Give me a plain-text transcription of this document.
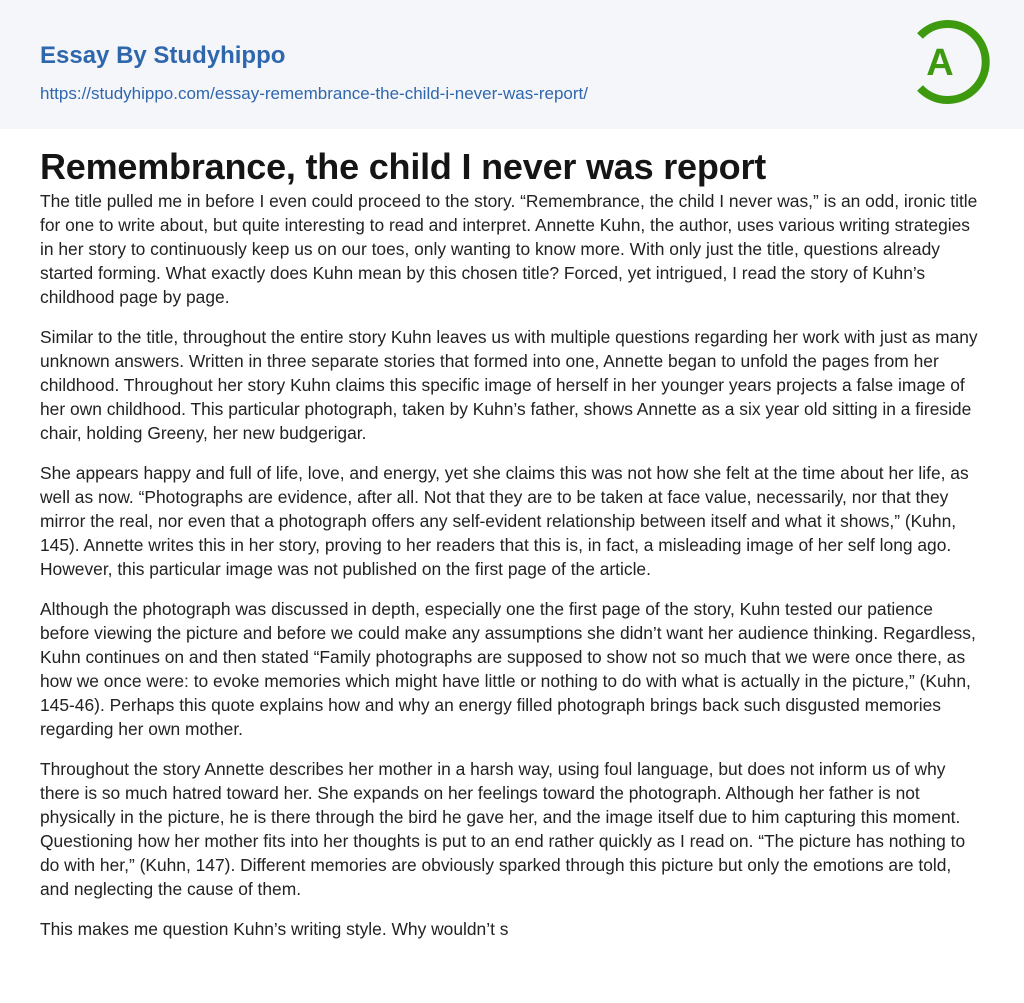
Essay By Studyhippo

https://studyhippo.com/essay-remembrance-the-child-i-never-was-report/
A
Remembrance, the child I never was report

The title pulled me in before I even could proceed to the story. “Remembrance, the child I never was,” is an odd, ironic title for one to write about, but quite interesting to read and interpret. Annette Kuhn, the author, uses various writing strategies in her story to continuously keep us on our toes, only wanting to know more. With only just the title, questions already started forming. What exactly does Kuhn mean by this chosen title? Forced, yet intrigued, I read the story of Kuhn’s childhood page by page.

Similar to the title, throughout the entire story Kuhn leaves us with multiple questions regarding her work with just as many unknown answers. Written in three separate stories that formed into one, Annette began to unfold the pages from her childhood. Throughout her story Kuhn claims this specific image of herself in her younger years projects a false image of her own childhood. This particular photograph, taken by Kuhn’s father, shows Annette as a six year old sitting in a fireside chair, holding Greeny, her new budgerigar.

She appears happy and full of life, love, and energy, yet she claims this was not how she felt at the time about her life, as well as now. “Photographs are evidence, after all. Not that they are to be taken at face value, necessarily, nor that they mirror the real, nor even that a photograph offers any self-evident relationship between itself and what it shows,” (Kuhn, 145). Annette writes this in her story, proving to her readers that this is, in fact, a misleading image of her self long ago. However, this particular image was not published on the first page of the article.

Although the photograph was discussed in depth, especially one the first page of the story, Kuhn tested our patience before viewing the picture and before we could make any assumptions she didn’t want her audience thinking. Regardless, Kuhn continues on and then stated “Family photographs are supposed to show not so much that we were once there, as how we once were: to evoke memories which might have little or nothing to do with what is actually in the picture,” (Kuhn, 145-46). Perhaps this quote explains how and why an energy filled photograph brings back such disgusted memories regarding her own mother.

Throughout the story Annette describes her mother in a harsh way, using foul language, but does not inform us of why there is so much hatred toward her. She expands on her feelings toward the photograph. Although her father is not physically in the picture, he is there through the bird he gave her, and the image itself due to him capturing this moment. Questioning how her mother fits into her thoughts is put to an end rather quickly as I read on. “The picture has nothing to do with her,” (Kuhn, 147). Different memories are obviously sparked through this picture but only the emotions are told, and neglecting the cause of them.

This makes me question Kuhn’s writing style. Why wouldn’t s
